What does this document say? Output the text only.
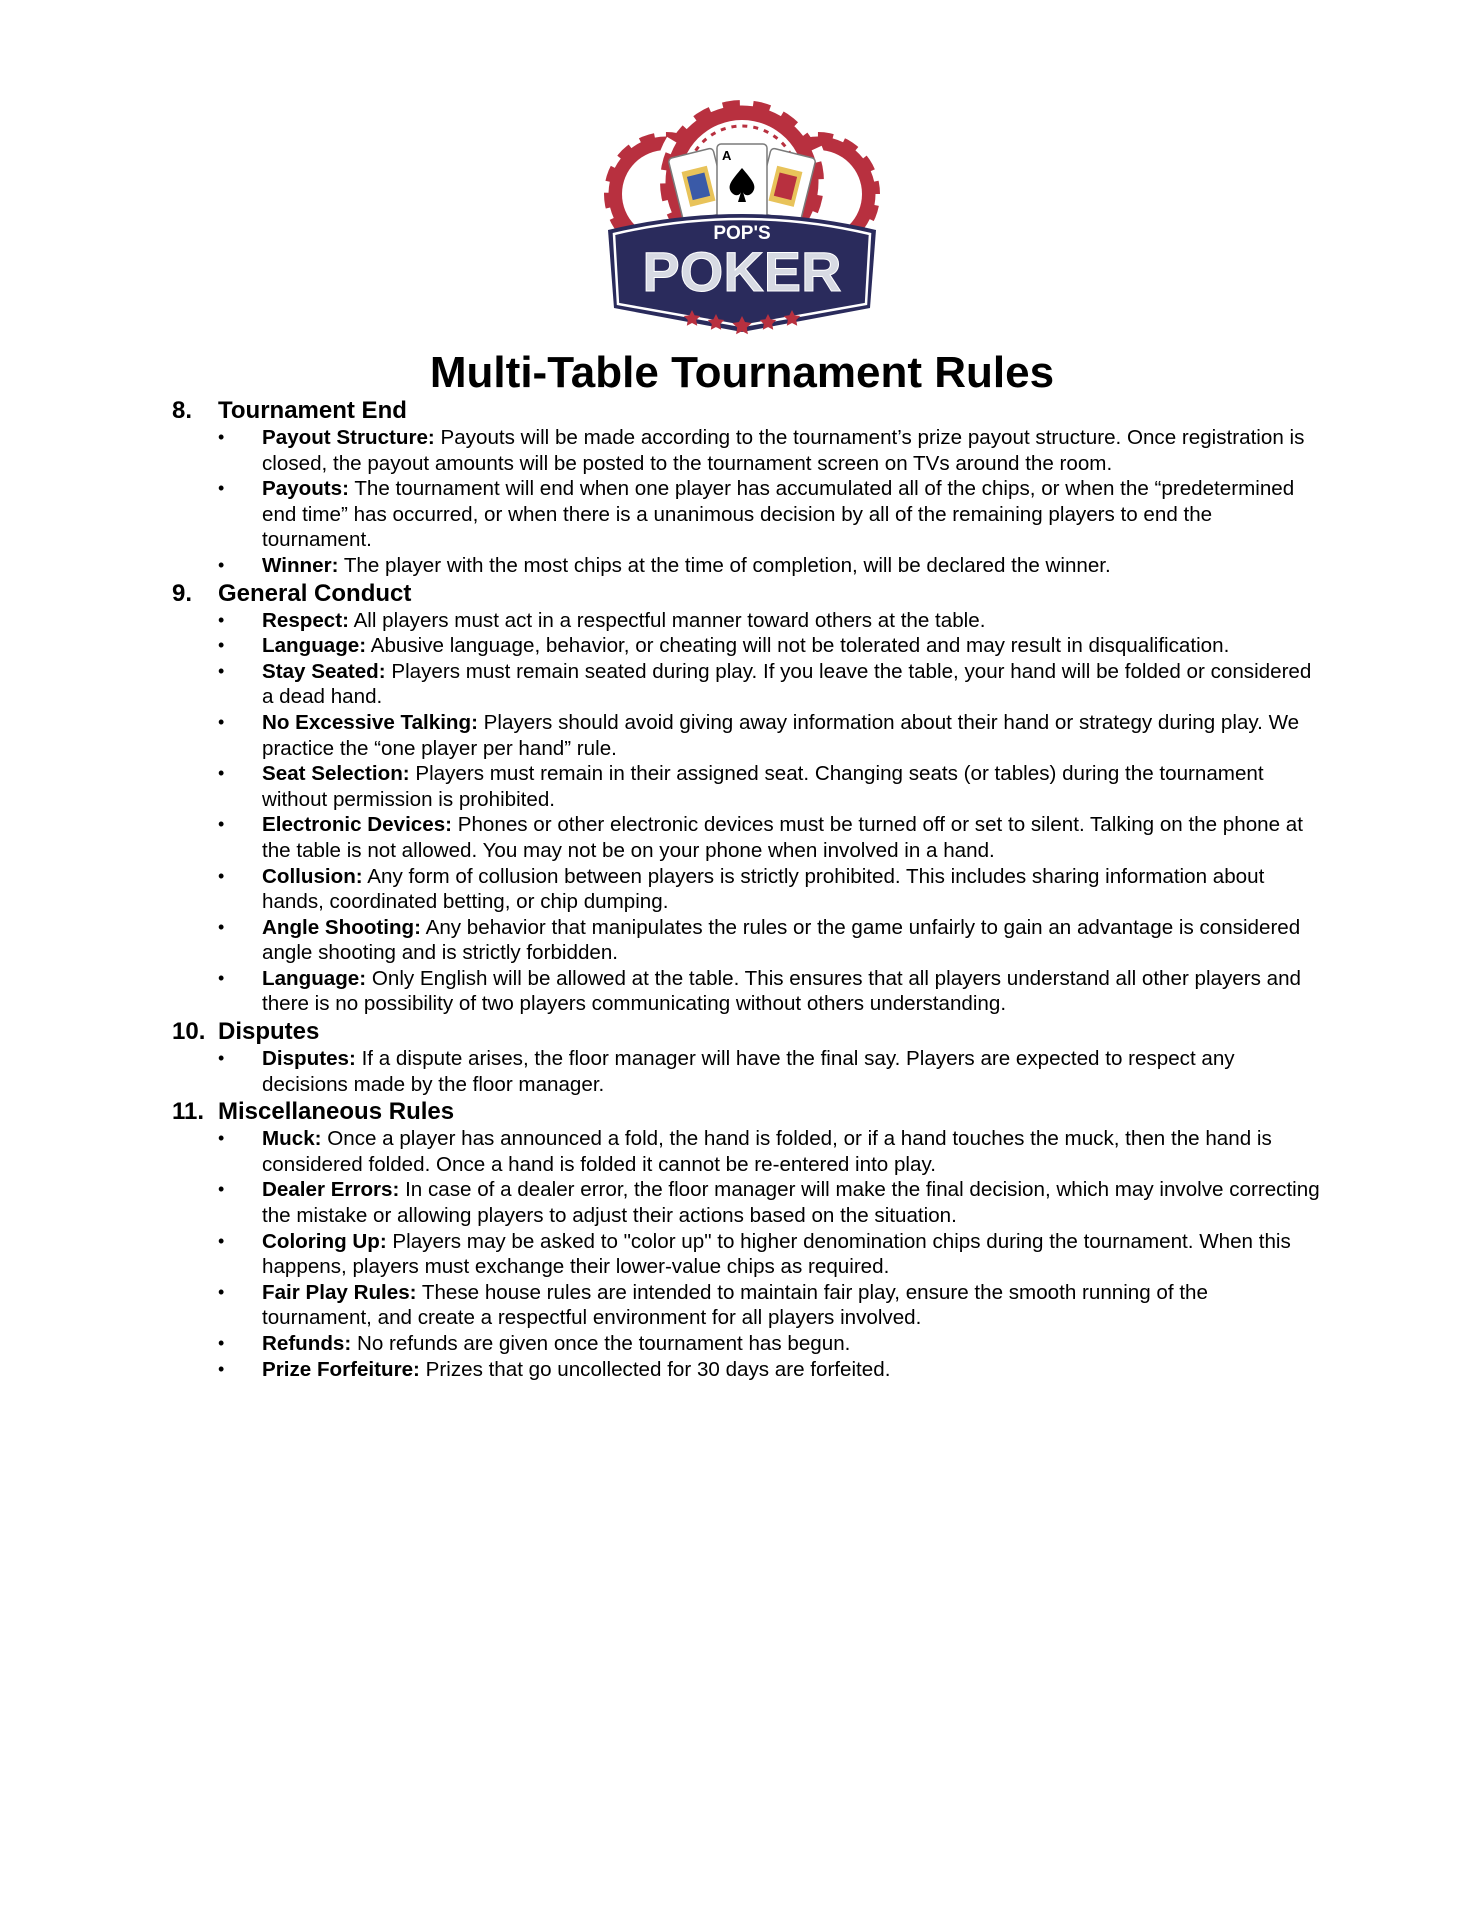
A
POP'S
POKER
Multi-Table Tournament Rules
8.	Tournament End
• Payout Structure: Payouts will be made according to the tournament’s prize payout structure. Once registration is closed, the payout amounts will be posted to the tournament screen on TVs around the room.
• Payouts: The tournament will end when one player has accumulated all of the chips, or when the “predetermined end time” has occurred, or when there is a unanimous decision by all of the remaining players to end the tournament.
• Winner: The player with the most chips at the time of completion, will be declared the winner.
9.	General Conduct
• Respect: All players must act in a respectful manner toward others at the table.
• Language: Abusive language, behavior, or cheating will not be tolerated and may result in disqualification.
• Stay Seated: Players must remain seated during play. If you leave the table, your hand will be folded or considered a dead hand.
• No Excessive Talking: Players should avoid giving away information about their hand or strategy during play. We practice the “one player per hand” rule.
• Seat Selection: Players must remain in their assigned seat. Changing seats (or tables) during the tournament without permission is prohibited.
• Electronic Devices: Phones or other electronic devices must be turned off or set to silent. Talking on the phone at the table is not allowed. You may not be on your phone when involved in a hand.
• Collusion: Any form of collusion between players is strictly prohibited. This includes sharing information about hands, coordinated betting, or chip dumping.
• Angle Shooting: Any behavior that manipulates the rules or the game unfairly to gain an advantage is considered angle shooting and is strictly forbidden.
• Language: Only English will be allowed at the table. This ensures that all players understand all other players and there is no possibility of two players communicating without others understanding.
10. Disputes
• Disputes: If a dispute arises, the floor manager will have the final say. Players are expected to respect any decisions made by the floor manager.
11. Miscellaneous Rules
• Muck: Once a player has announced a fold, the hand is folded, or if a hand touches the muck, then the hand is considered folded. Once a hand is folded it cannot be re-entered into play.
• Dealer Errors: In case of a dealer error, the floor manager will make the final decision, which may involve correcting the mistake or allowing players to adjust their actions based on the situation.
• Coloring Up: Players may be asked to "color up" to higher denomination chips during the tournament. When this happens, players must exchange their lower-value chips as required.
• Fair Play Rules: These house rules are intended to maintain fair play, ensure the smooth running of the tournament, and create a respectful environment for all players involved.
• Refunds: No refunds are given once the tournament has begun.
• Prize Forfeiture: Prizes that go uncollected for 30 days are forfeited.
